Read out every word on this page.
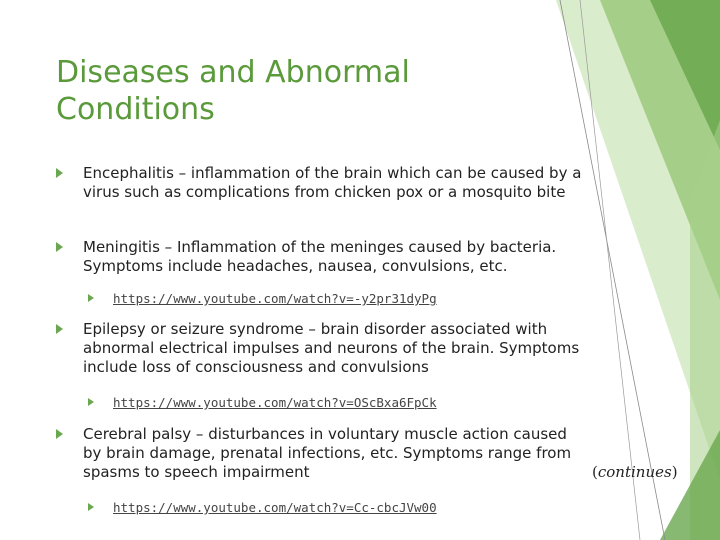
Diseases and Abnormal Conditions
Encephalitis – inflammation of the brain which can be caused by a virus such as complications from chicken pox or a mosquito bite
Meningitis – Inflammation of the meninges caused by bacteria. Symptoms include headaches, nausea, convulsions, etc.
https://www.youtube.com/watch?v=-y2pr31dyPg
Epilepsy or seizure syndrome – brain disorder associated with abnormal electrical impulses and neurons of the brain. Symptoms include loss of consciousness and convulsions
https://www.youtube.com/watch?v=OScBxa6FpCk
Cerebral palsy – disturbances in voluntary muscle action caused by brain damage, prenatal infections, etc. Symptoms range from spasms to speech impairment	(continues)
https://www.youtube.com/watch?v=Cc-cbcJVw00
